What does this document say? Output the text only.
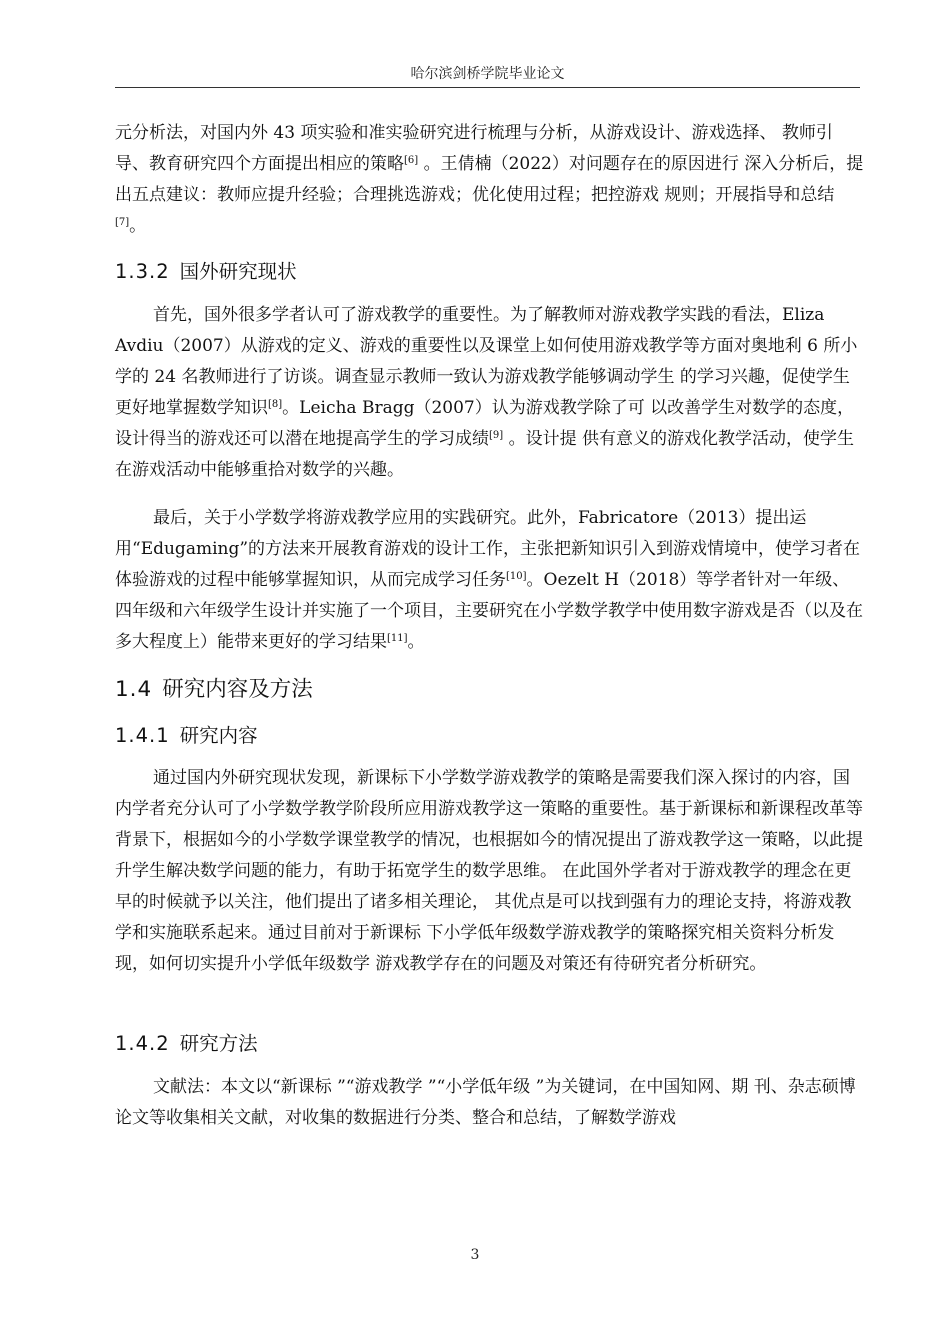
哈尔滨剑桥学院毕业论文

元分析法，对国内外 43 项实验和准实验研究进行梳理与分析，从游戏设计、游戏选择、 教师引导、教育研究四个方面提出相应的策略[6] 。王倩楠（2022）对问题存在的原因进行 深入分析后，提出五点建议：教师应提升经验；合理挑选游戏；优化使用过程；把控游戏 规则；开展指导和总结[7]。

1.3.2 国外研究现状

首先，国外很多学者认可了游戏教学的重要性。为了解教师对游戏教学实践的看法，Eliza Avdiu（2007）从游戏的定义、游戏的重要性以及课堂上如何使用游戏教学等方面对奥地利 6 所小学的 24 名教师进行了访谈。调查显示教师一致认为游戏教学能够调动学生 的学习兴趣，促使学生更好地掌握数学知识[8]。Leicha Bragg（2007）认为游戏教学除了可 以改善学生对数学的态度，设计得当的游戏还可以潜在地提高学生的学习成绩[9] 。设计提 供有意义的游戏化教学活动，使学生在游戏活动中能够重拾对数学的兴趣。

最后，关于小学数学将游戏教学应用的实践研究。此外，Fabricatore（2013）提出运用“Edugaming”的方法来开展教育游戏的设计工作，主张把新知识引入到游戏情境中，使学习者在体验游戏的过程中能够掌握知识，从而完成学习任务[10]。Oezelt H（2018）等学者针对一年级、四年级和六年级学生设计并实施了一个项目，主要研究在小学数学教学中使用数字游戏是否（以及在多大程度上）能带来更好的学习结果[11]。

1.4 研究内容及方法
1.4.1 研究内容

通过国内外研究现状发现，新课标下小学数学游戏教学的策略是需要我们深入探讨的内容，国内学者充分认可了小学数学教学阶段所应用游戏教学这一策略的重要性。基于新课标和新课程改革等背景下，根据如今的小学数学课堂教学的情况，也根据如今的情况提出了游戏教学这一策略，以此提升学生解决数学问题的能力，有助于拓宽学生的数学思维。 在此国外学者对于游戏教学的理念在更早的时候就予以关注，他们提出了诸多相关理论， 其优点是可以找到强有力的理论支持，将游戏教学和实施联系起来。通过目前对于新课标 下小学低年级数学游戏教学的策略探究相关资料分析发现，如何切实提升小学低年级数学 游戏教学存在的问题及对策还有待研究者分析研究。

1.4.2 研究方法

文献法：本文以“新课标 ”“游戏教学 ”“小学低年级 ”为关键词，在中国知网、期 刊、杂志硕博论文等收集相关文献，对收集的数据进行分类、整合和总结，了解数学游戏

3
